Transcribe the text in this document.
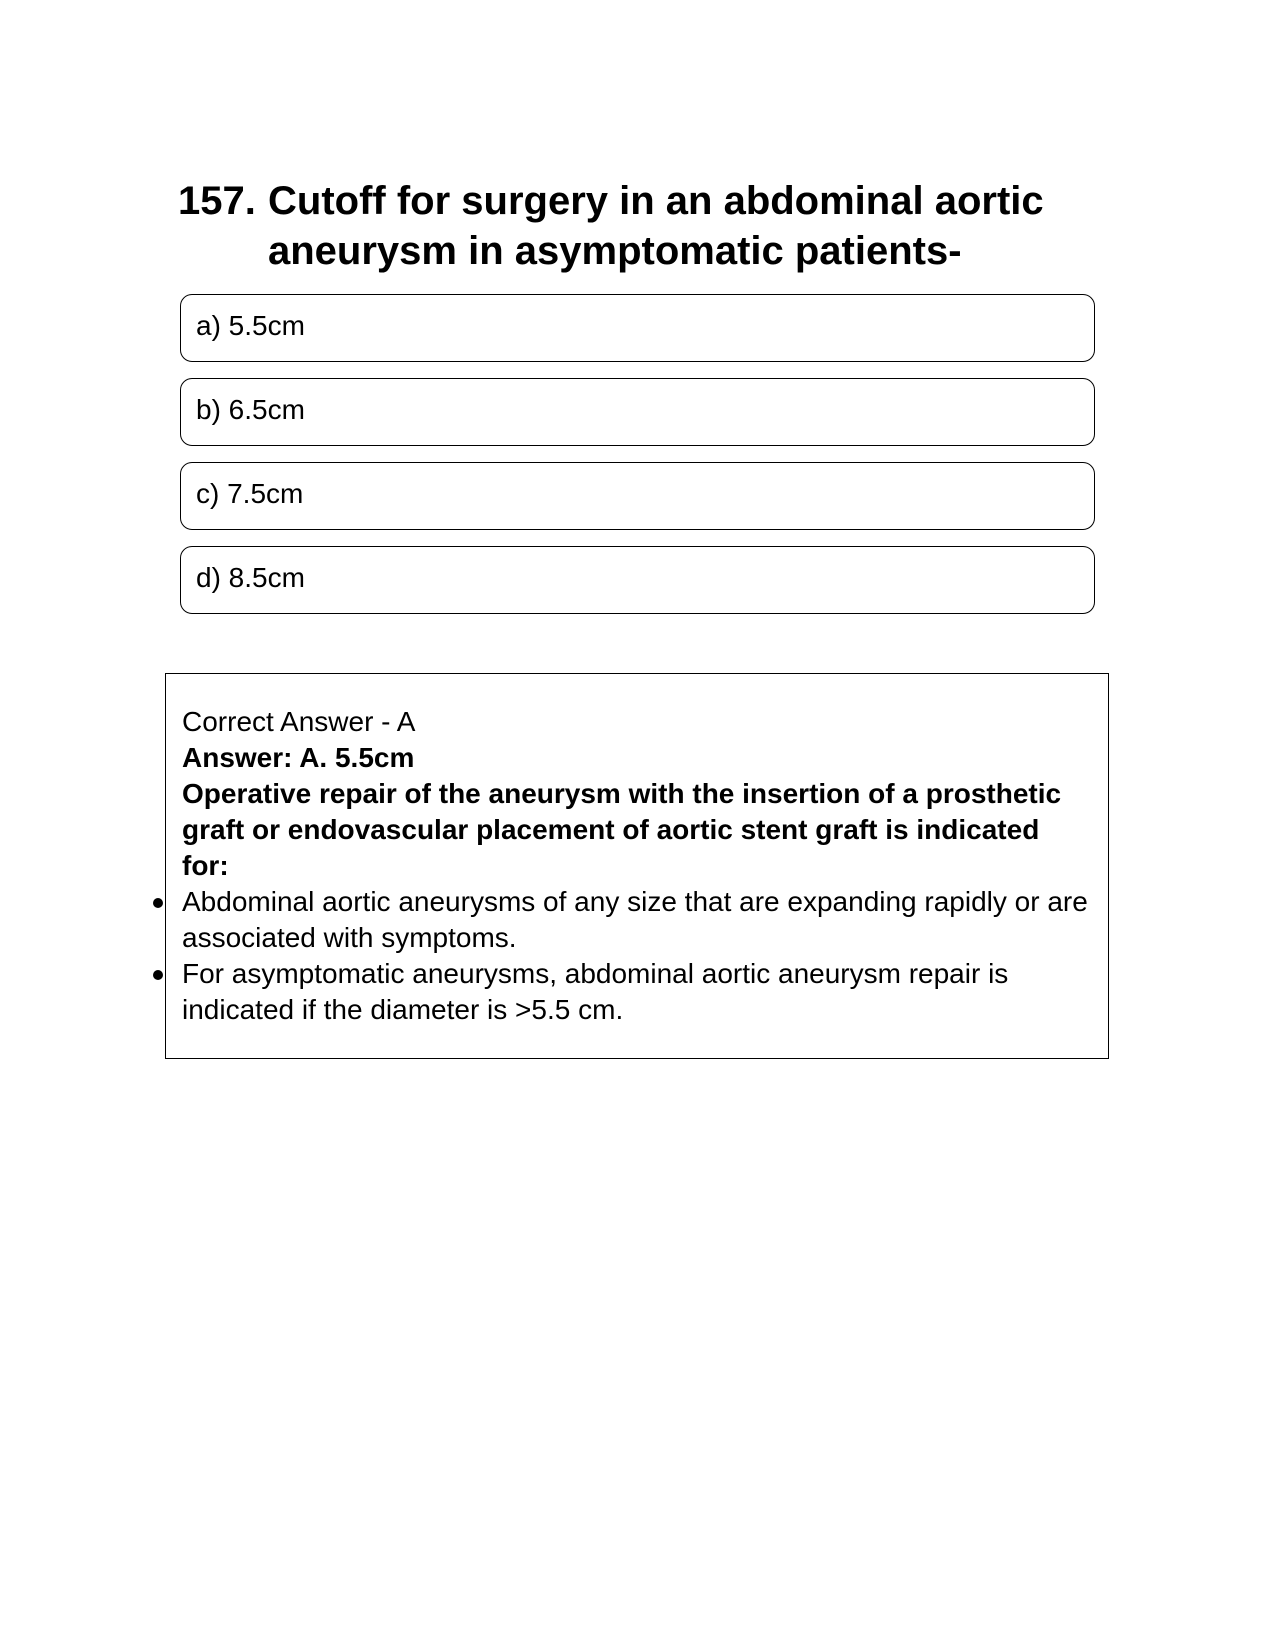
157. Cutoff for surgery in an abdominal aortic aneurysm in asymptomatic patients-
a) 5.5cm
b) 6.5cm
c) 7.5cm
d) 8.5cm

Correct Answer - A

Answer: A. 5.5cm

Operative repair of the aneurysm with the insertion of a prosthetic graft or endovascular placement of aortic stent graft is indicated for:

Abdominal aortic aneurysms of any size that are expanding rapidly or are associated with symptoms.
For asymptomatic aneurysms, abdominal aortic aneurysm repair is indicated if the diameter is >5.5 cm.
